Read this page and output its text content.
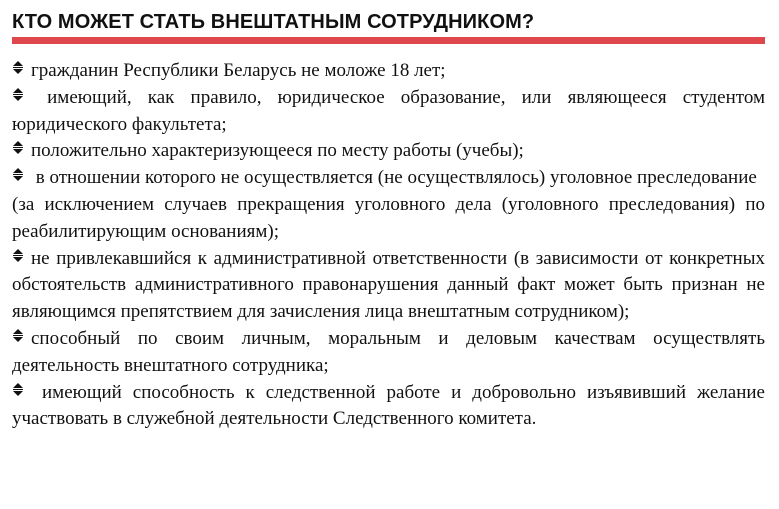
КТО МОЖЕТ СТАТЬ ВНЕШТАТНЫМ СОТРУДНИКОМ?
гражданин Республики Беларусь не моложе 18 лет;
имеющий, как правило, юридическое образование, или являющееся студентом юридического факультета;
положительно характеризующееся по месту работы (учебы);
в отношении которого не осуществляется (не осуществлялось) уголовное преследование
(за исключением случаев прекращения уголовного дела (уголовного преследования) по реабилитирующим основаниям);
не привлекавшийся к административной ответственности (в зависимости от конкретных обстоятельств административного правонарушения данный факт может быть признан не являющимся препятствием для зачисления лица внештатным сотрудником);
способный по своим личным, моральным и деловым качествам осуществлять деятельность внештатного сотрудника;
имеющий способность к следственной работе и добровольно изъявивший желание участвовать в служебной деятельности Следственного комитета.
